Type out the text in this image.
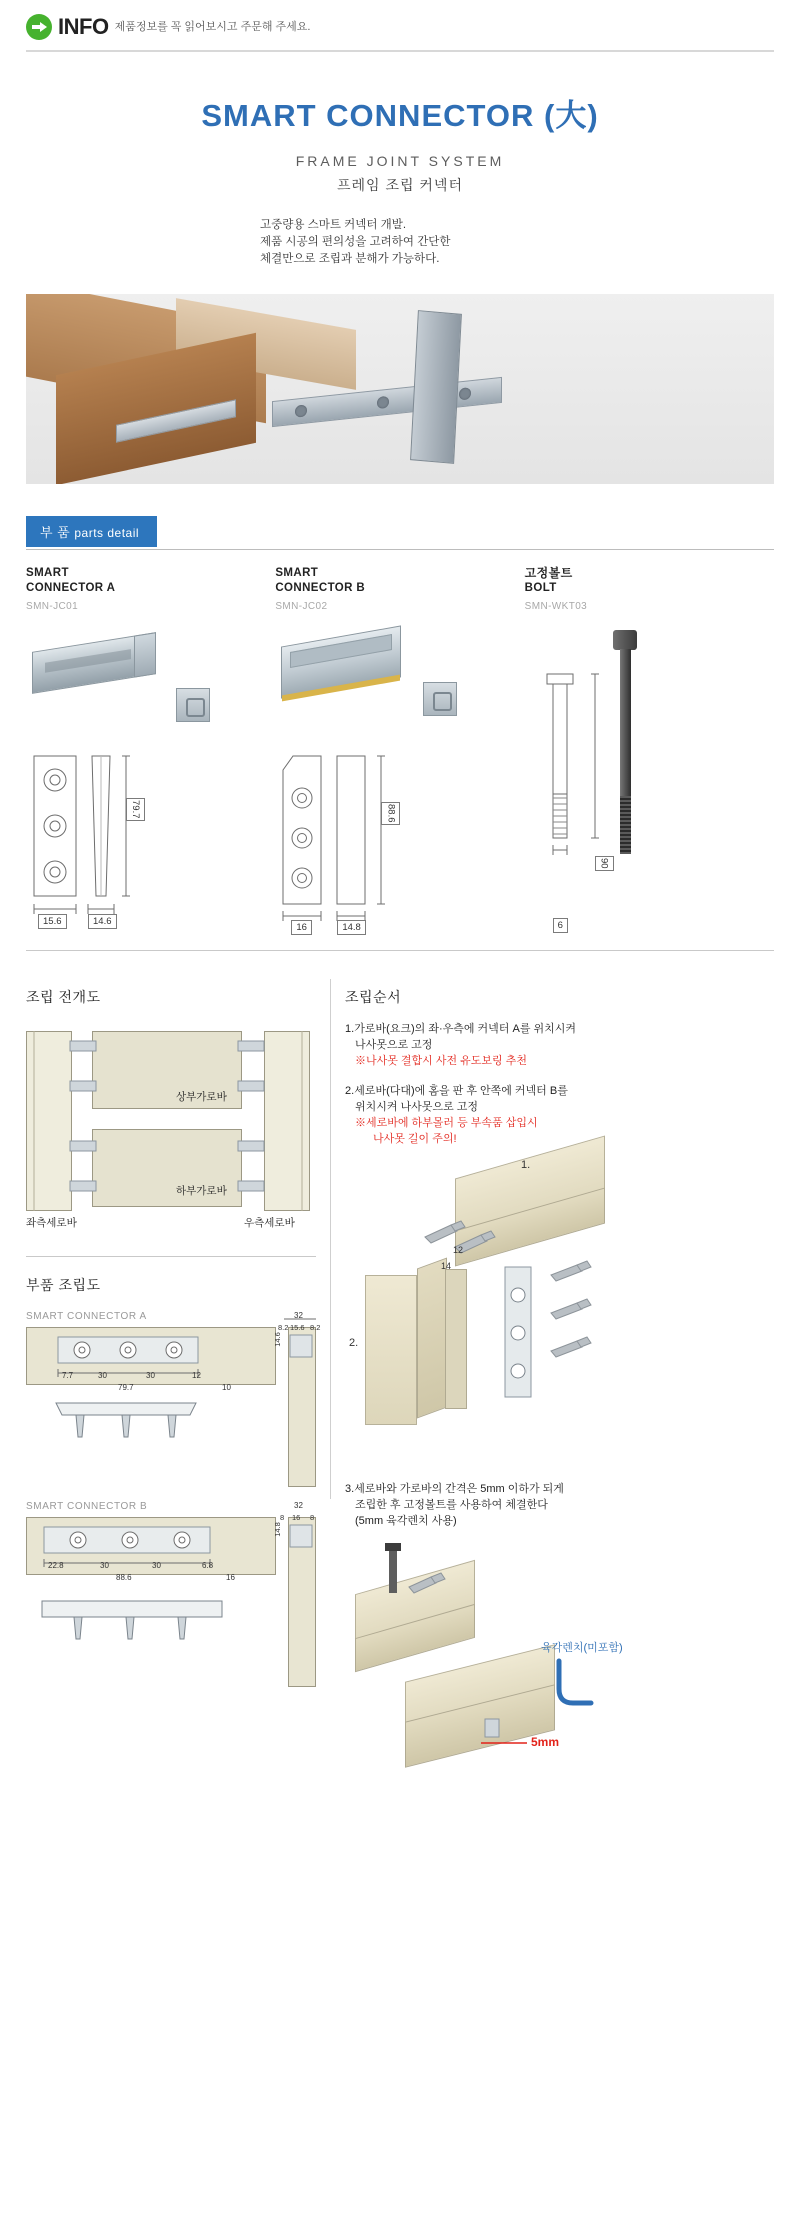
INFO 제품정보를 꼭 읽어보시고 주문해 주세요.
SMART CONNECTOR (大)
FRAME JOINT SYSTEM
프레임 조립 커넥터
고중량용 스마트 커넥터 개발.
제품 시공의 편의성을 고려하여 간단한
체결만으로 조립과 분해가 가능하다.
부 품 parts detail
SMART
CONNECTOR A
SMN-JC01
79.7
15.6	14.6
SMART
CONNECTOR B
SMN-JC02
88.6
16	14.8
고정볼트
BOLT
SMN-WKT03
90
6
조립 전개도
상부가로바
하부가로바
좌측세로바	우측세로바
부품 조립도
SMART CONNECTOR A
7.7	30	30	12
79.7	10
32
8.2 15.6 8.2
14.6
SMART CONNECTOR B
22.8	30	30	6.8
88.6	16
32
8 16 8
14.8
조립순서
1.가로바(요크)의 좌·우측에 커넥터 A를 위치시켜
나사못으로 고정
※나사못 결합시 사전 유도보링 추천
2.세로바(다대)에 홈을 판 후 안쪽에 커넥터 B를
위치시켜 나사못으로 고정
※세로바에 하부몰러 등 부속품 삽입시
나사못 길이 주의!
1.
2.
12
14
3.세로바와 가로바의 간격은 5mm 이하가 되게
조립한 후 고정볼트를 사용하여 체결한다
(5mm 육각렌치 사용)
육각렌치(미포함)
5mm
